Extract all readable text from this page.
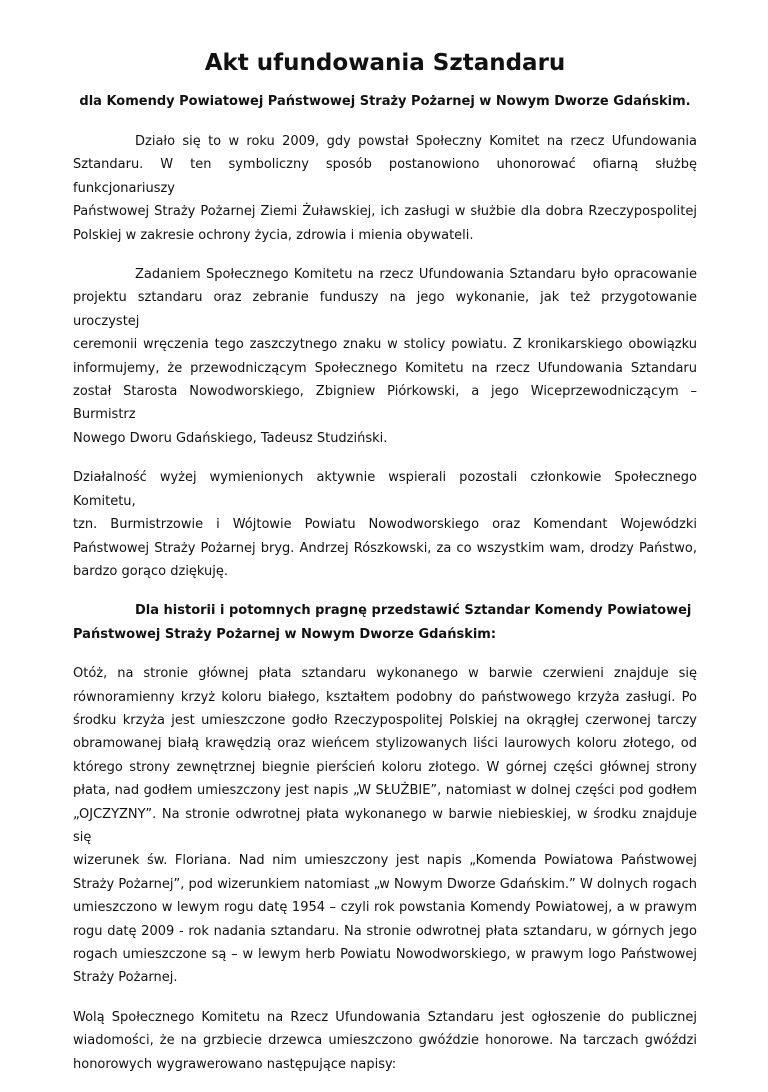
Akt ufundowania Sztandaru
dla Komendy Powiatowej Państwowej Straży Pożarnej w Nowym Dworze Gdańskim.
Działo się to w roku 2009, gdy powstał Społeczny Komitet na rzecz Ufundowania
Sztandaru. W ten symboliczny sposób postanowiono uhonorować ofiarną służbę funkcjonariuszy
Państwowej Straży Pożarnej Ziemi Żuławskiej, ich zasługi w służbie dla dobra Rzeczypospolitej
Polskiej w zakresie ochrony życia, zdrowia i mienia obywateli.
Zadaniem Społecznego Komitetu na rzecz Ufundowania Sztandaru było opracowanie
projektu sztandaru oraz zebranie funduszy na jego wykonanie, jak też przygotowanie uroczystej
ceremonii wręczenia tego zaszczytnego znaku w stolicy powiatu. Z kronikarskiego obowiązku
informujemy, że przewodniczącym Społecznego Komitetu na rzecz Ufundowania Sztandaru
został Starosta Nowodworskiego, Zbigniew Piórkowski, a jego Wiceprzewodniczącym – Burmistrz
Nowego Dworu Gdańskiego, Tadeusz Studziński.
Działalność wyżej wymienionych aktywnie wspierali pozostali członkowie Społecznego Komitetu,
tzn. Burmistrzowie i Wójtowie Powiatu Nowodworskiego oraz Komendant Wojewódzki
Państwowej Straży Pożarnej bryg. Andrzej Rószkowski, za co wszystkim wam, drodzy Państwo,
bardzo gorąco dziękuję.
Dla historii i potomnych pragnę przedstawić Sztandar Komendy Powiatowej
Państwowej Straży Pożarnej w Nowym Dworze Gdańskim:
Otóż, na stronie głównej płata sztandaru wykonanego w barwie czerwieni znajduje się
równoramienny krzyż koloru białego, kształtem podobny do państwowego krzyża zasługi. Po
środku krzyża jest umieszczone godło Rzeczypospolitej Polskiej na okrągłej czerwonej tarczy
obramowanej białą krawędzią oraz wieńcem stylizowanych liści laurowych koloru złotego, od
którego strony zewnętrznej biegnie pierścień koloru złotego. W górnej części głównej strony
płata, nad godłem umieszczony jest napis „W SŁUŻBIE”, natomiast w dolnej części pod godłem
„OJCZYZNY”. Na stronie odwrotnej płata wykonanego w barwie niebieskiej, w środku znajduje się
wizerunek św. Floriana. Nad nim umieszczony jest napis „Komenda Powiatowa Państwowej
Straży Pożarnej”, pod wizerunkiem natomiast „w Nowym Dworze Gdańskim.” W dolnych rogach
umieszczono w lewym rogu datę 1954 – czyli rok powstania Komendy Powiatowej, a w prawym
rogu datę 2009 - rok nadania sztandaru. Na stronie odwrotnej płata sztandaru, w górnych jego
rogach umieszczone są – w lewym herb Powiatu Nowodworskiego, w prawym logo Państwowej
Straży Pożarnej.
Wolą Społecznego Komitetu na Rzecz Ufundowania Sztandaru jest ogłoszenie do publicznej
wiadomości, że na grzbiecie drzewca umieszczono gwóździe honorowe. Na tarczach gwóździ
honorowych wygrawerowano następujące napisy:
